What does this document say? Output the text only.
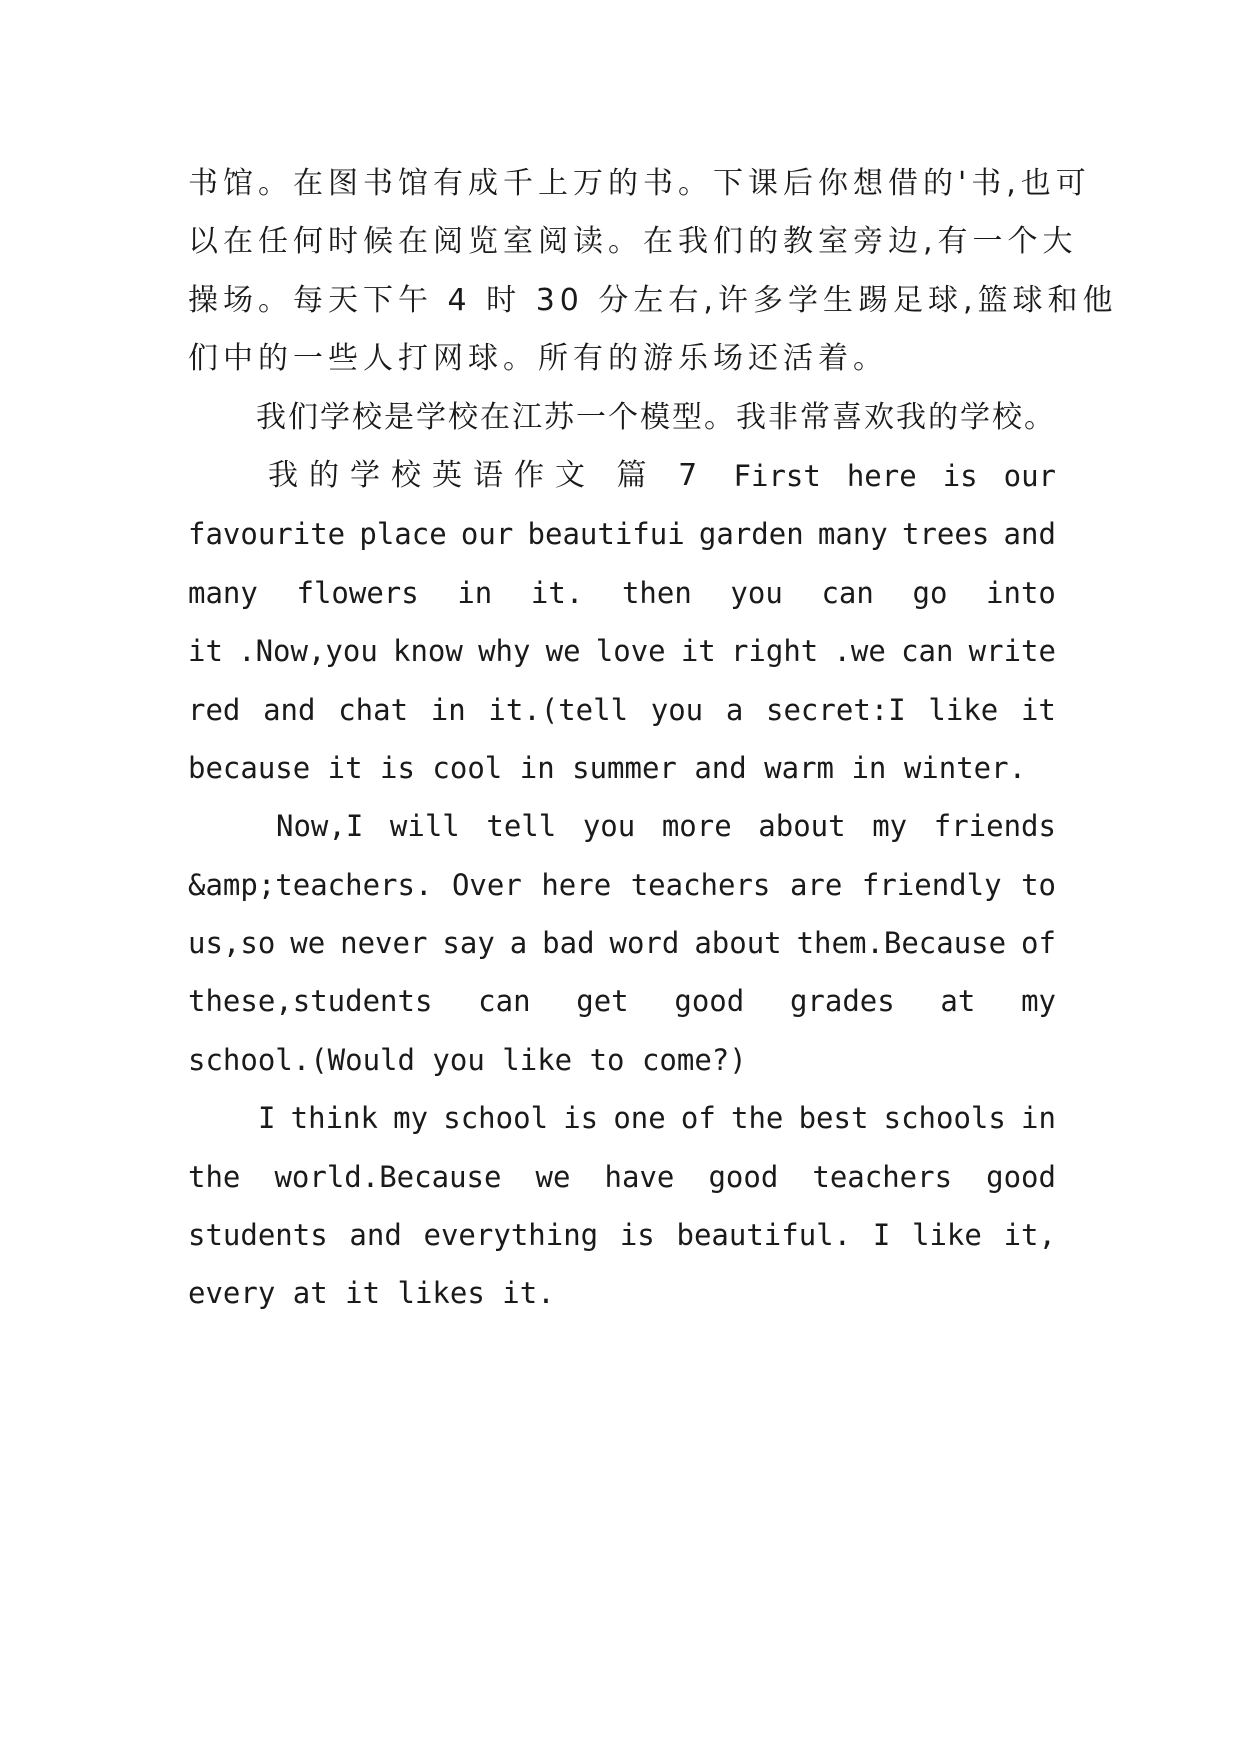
书馆。在图书馆有成千上万的书。下课后你想借的'书,也可
以在任何时候在阅览室阅读。在我们的教室旁边,有一个大
操场。每天下午 4 时 30 分左右,许多学生踢足球,篮球和他
们中的一些人打网球。所有的游乐场还活着。
我们学校是学校在江苏一个模型。我非常喜欢我的学校。
我的学校英语作文 篇 7 First here is our
favourite place our beautifui garden many trees and
many flowers in it. then you can go into
it .Now,you know why we love it right .we can write
red and chat in it.(tell you a secret:I like it
because it is cool in summer and warm in winter.
Now,I will tell you more about my friends
&amp;teachers. Over here teachers are friendly to
us,so we never say a bad word about them.Because of
these,students can get good grades at my
school.(Would you like to come?)
I think my school is one of the best schools in
the world.Because we have good teachers good
students and everything is beautiful. I like it,
every at it likes it.
